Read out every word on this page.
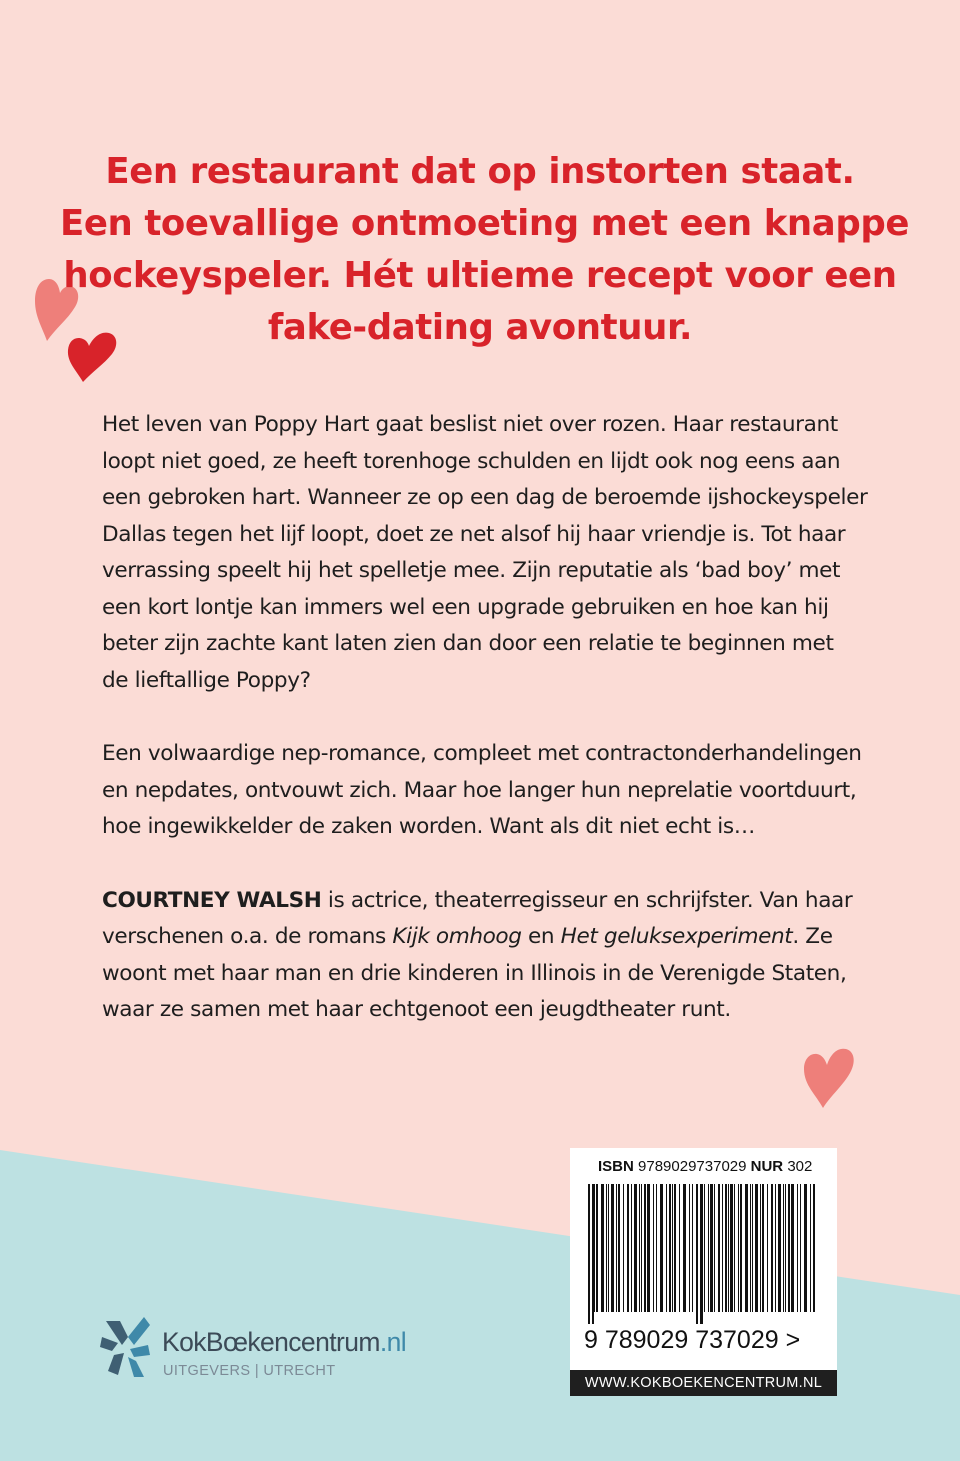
Een restaurant dat op instorten staat.
Een toevallige ontmoeting met een knappe
hockeyspeler. Hét ultieme recept voor een
fake-dating avontuur.

Het leven van Poppy Hart gaat beslist niet over rozen. Haar restaurant
loopt niet goed, ze heeft torenhoge schulden en lijdt ook nog eens aan
een gebroken hart. Wanneer ze op een dag de beroemde ijshockeyspeler
Dallas tegen het lijf loopt, doet ze net alsof hij haar vriendje is. Tot haar
verrassing speelt hij het spelletje mee. Zijn reputatie als ‘bad boy’ met
een kort lontje kan immers wel een upgrade gebruiken en hoe kan hij
beter zijn zachte kant laten zien dan door een relatie te beginnen met
de lieftallige Poppy?

Een volwaardige nep-romance, compleet met contractonderhandelingen
en nepdates, ontvouwt zich. Maar hoe langer hun neprelatie voortduurt,
hoe ingewikkelder de zaken worden. Want als dit niet echt is…

COURTNEY WALSH is actrice, theaterregisseur en schrijfster. Van haar
verschenen o.a. de romans Kijk omhoog en Het geluksexperiment. Ze
woont met haar man en drie kinderen in Illinois in de Verenigde Staten,
waar ze samen met haar echtgenoot een jeugdtheater runt.

ISBN 9789029737029 NUR 302
9 789029 737029 >
WWW.KOKBOEKENCENTRUM.NL
KokBœkencentrum.nl
UITGEVERS | UTRECHT
